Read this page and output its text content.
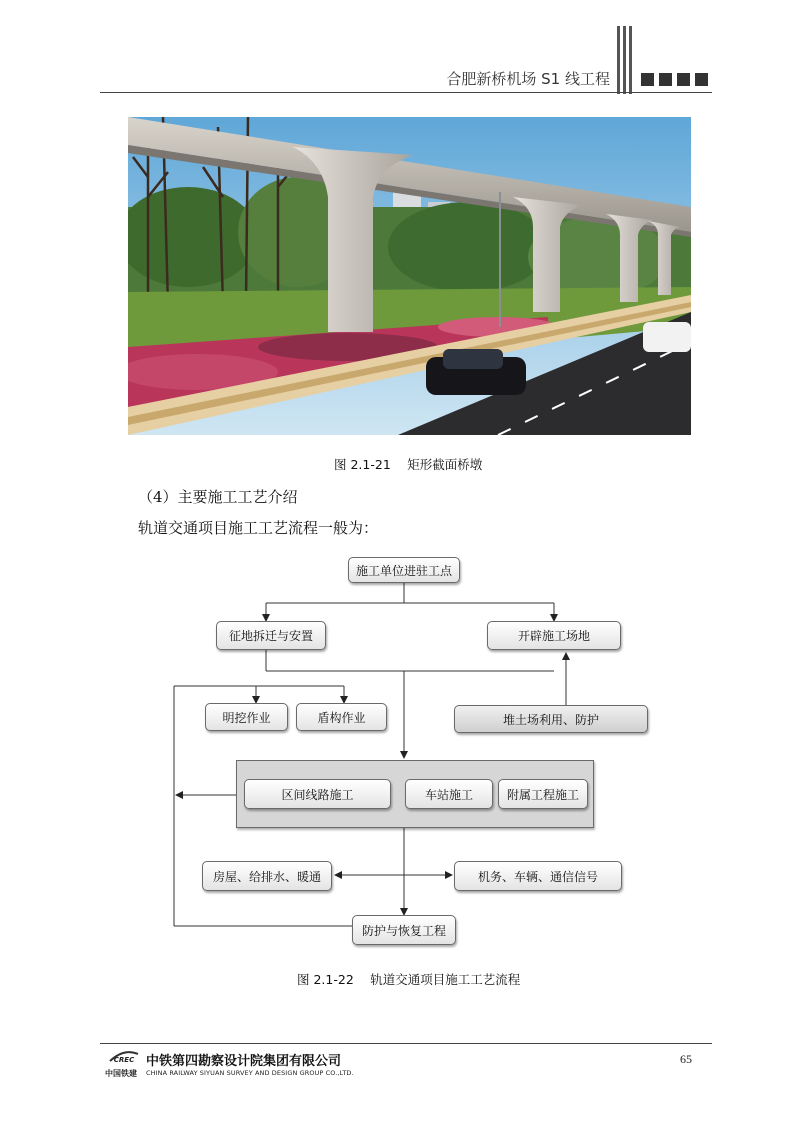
合肥新桥机场 S1 线工程
图 2.1-21　 矩形截面桥墩
（4）主要施工工艺介绍
轨道交通项目施工工艺流程一般为：
施工单位进驻工点
征地拆迁与安置	开辟施工场地
明挖作业	盾构作业	堆土场利用、防护
区间线路施工	车站施工	附属工程施工
房屋、给排水、暖通	机务、车辆、通信信号
防护与恢复工程
图 2.1-22　 轨道交通项目施工工艺流程
CREC
中国铁建
中铁第四勘察设计院集团有限公司
CHINA RAILWAY SIYUAN SURVEY AND DESIGN GROUP CO.,LTD.
65
